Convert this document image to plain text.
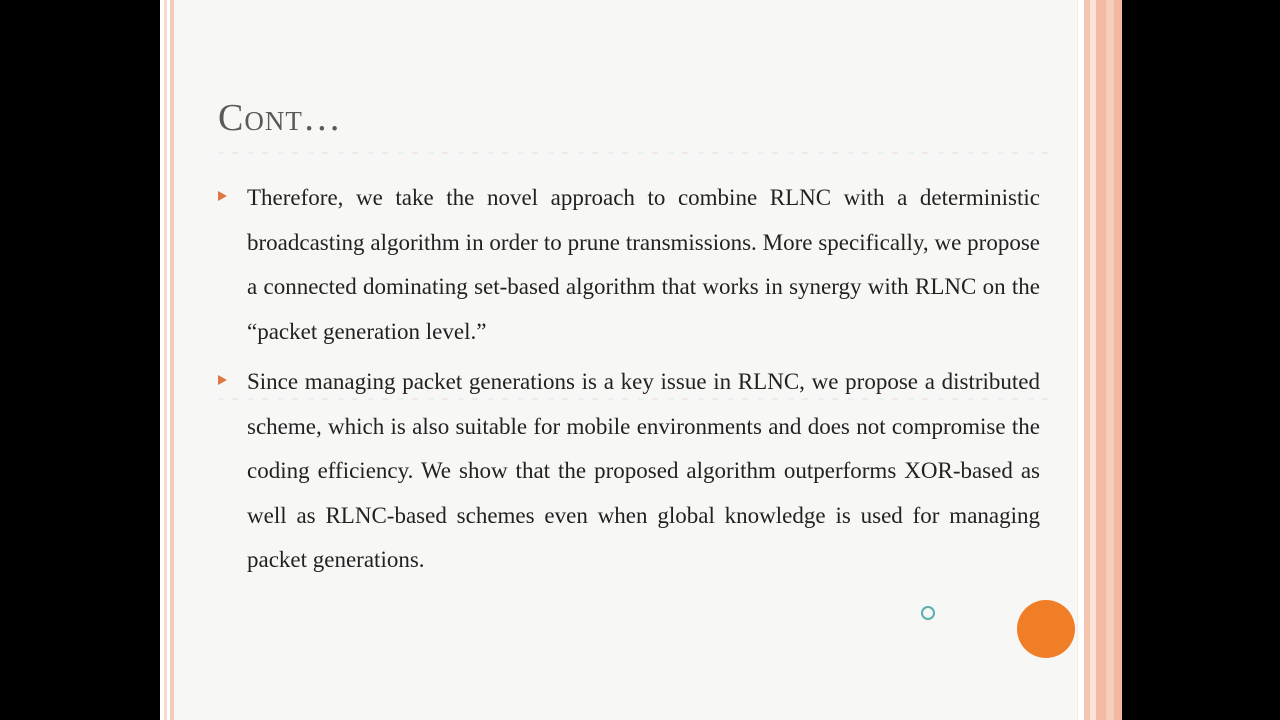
Cont…
Therefore, we take the novel approach to combine RLNC with a deterministic broadcasting algorithm in order to prune transmissions. More specifically, we propose a connected dominating set-based algorithm that works in synergy with RLNC on the “packet generation level.”
Since managing packet generations is a key issue in RLNC, we propose a distributed scheme, which is also suitable for mobile environments and does not compromise the coding efficiency. We show that the proposed algorithm outperforms XOR-based as well as RLNC-based schemes even when global knowledge is used for managing packet generations.
